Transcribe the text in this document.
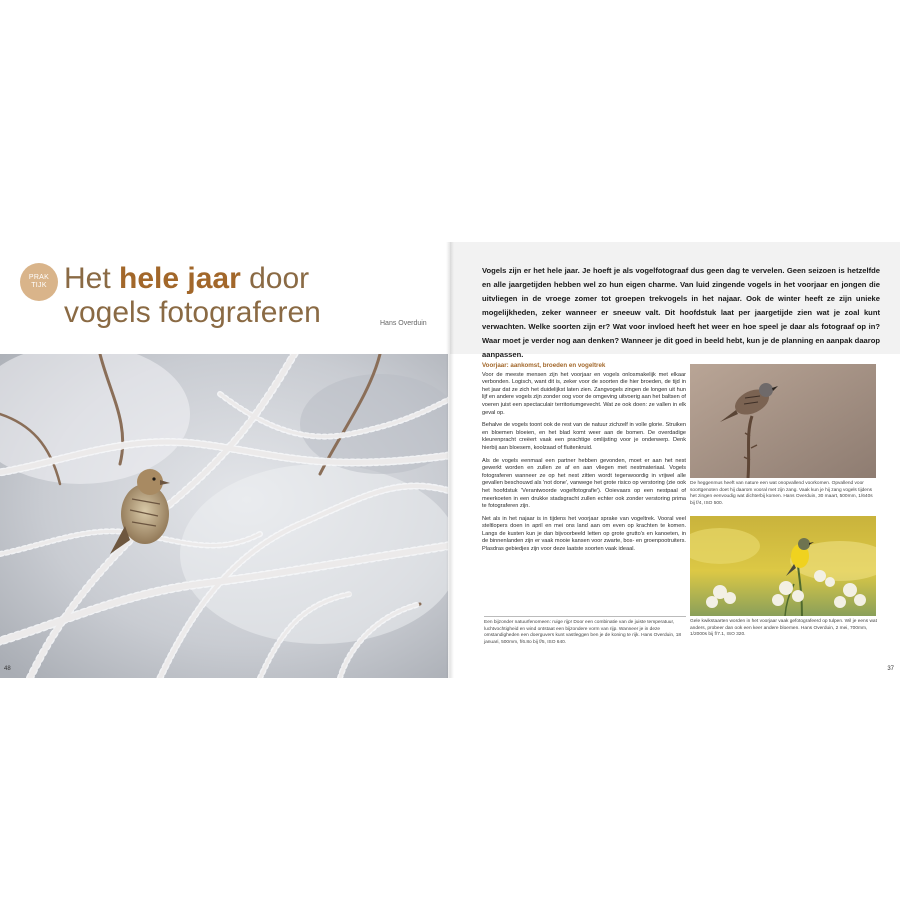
PRAK
TIJK Het hele jaar door
vogels fotograferen	Hans Overduin
48
Vogels zijn er het hele jaar. Je hoeft je als vogelfotograaf dus geen dag te vervelen. Geen seizoen is hetzelfde en alle jaargetijden hebben wel zo hun eigen charme. Van luid zingende vogels in het voorjaar en jongen die uitvliegen in de vroege zomer tot groepen trekvogels in het najaar. Ook de winter heeft ze zijn unieke mogelijkheden, zeker wanneer er sneeuw valt. Dit hoofdstuk laat per jaargetijde zien wat je zoal kunt verwachten. Welke soorten zijn er? Wat voor invloed heeft het weer en hoe speel je daar als fotograaf op in? Waar moet je verder nog aan denken? Wanneer je dit goed in beeld hebt, kun je de planning en aanpak daarop aanpassen.
Voorjaar: aankomst, broeden en vogeltrek

Voor de meeste mensen zijn het voorjaar en vogels onlosmakelijk met elkaar verbonden. Logisch, want dit is, zeker voor de soorten die hier broeden, de tijd in het jaar dat ze zich het duidelijkst laten zien. Zangvogels zingen de longen uit hun lijf en andere vogels zijn zonder oog voor de omgeving uitvoerig aan het baltsen of voeren juist een spectaculair territoriumgevecht. Wat ze ook doen: ze vallen in elk geval op.

Behalve de vogels toont ook de rest van de natuur zichzelf in volle glorie. Struiken en bloemen bloeien, en het blad komt weer aan de bomen. De overdadige kleurenpracht creëert vaak een prachtige omlijsting voor je onderwerp. Denk hierbij aan bloesem, koolzaad of fluitenkruid.

Als de vogels eenmaal een partner hebben gevonden, moet er aan het nest gewerkt worden en zullen ze af en aan vliegen met nestmateriaal. Vogels fotograferen wanneer ze op het nest zitten wordt tegenwoordig in vrijwel alle gevallen beschouwd als 'not done', vanwege het grote risico op verstoring (zie ook het hoofdstuk 'Verantwoorde vogelfotografie'). Ooievaars op een nestpaal of meerkoeten in een drukke stadsgracht zullen echter ook zonder verstoring prima te fotograferen zijn.

Net als in het najaar is in tijdens het voorjaar sprake van vogeltrek. Vooral veel steltlopers doen in april en mei ons land aan om even op krachten te komen. Langs de kusten kun je dan bijvoorbeeld letten op grote grutto's en kanoeten, in de binnenlanden zijn er vaak mooie kansen voor zwarte, bos- en groenpootruiters. Plasdras gebiedjes zijn voor deze laatste soorten vaak ideaal.

Een bijzonder natuurfenomeen: ruige rijp! Door een combinatie van de juiste temperatuur, luchtvochtigheid en wind ontstaat een bijzondere vorm van rijp. Wanneer je in deze omstandigheden een doerguvers kunt vastleggen ben je de koning te rijk. Hans Overduin, 18 januari, 500mm, f/6.8o bij f/5, ISO 640.
De heggenmus heeft van nature een wat onopvallend voorkomen. Opvallend voor soortgenoten doet hij daarom vooral met zijn zang. Vaak kun je hij zang vogels tijdens het zingen eenvoudig wat dichterbij komen. Hans Overduin, 30 maart, 500mm, 1/640s bij f/4, ISO 500.
Gele kwikstaarten worden in het voorjaar vaak gefotografeerd op tulpen. Wil je eens wat anders, probeer dan ook een keer andere bloemen. Hans Overduin, 2 mei, 700mm, 1/2000s bij f/7.1, ISO 320.
37
